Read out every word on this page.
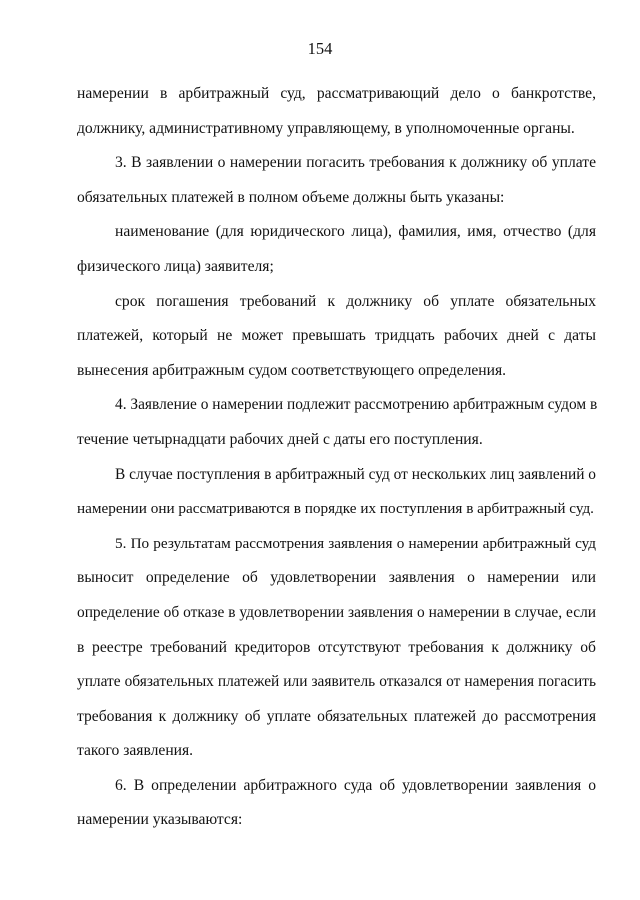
154
намерении в арбитражный суд, рассматривающий дело о банкротстве,
должнику, административному управляющему, в уполномоченные органы.
3. В заявлении о намерении погасить требования к должнику об уплате
обязательных платежей в полном объеме должны быть указаны:
наименование (для юридического лица), фамилия, имя, отчество (для
физического лица) заявителя;
срок погашения требований к должнику об уплате обязательных
платежей, который не может превышать тридцать рабочих дней с даты
вынесения арбитражным судом соответствующего определения.
4. Заявление о намерении подлежит рассмотрению арбитражным судом в
течение четырнадцати рабочих дней с даты его поступления.
В случае поступления в арбитражный суд от нескольких лиц заявлений о
намерении они рассматриваются в порядке их поступления в арбитражный суд.
5. По результатам рассмотрения заявления о намерении арбитражный суд
выносит определение об удовлетворении заявления о намерении или
определение об отказе в удовлетворении заявления о намерении в случае, если
в реестре требований кредиторов отсутствуют требования к должнику об
уплате обязательных платежей или заявитель отказался от намерения погасить
требования к должнику об уплате обязательных платежей до рассмотрения
такого заявления.
6. В определении арбитражного суда об удовлетворении заявления о
намерении указываются:
